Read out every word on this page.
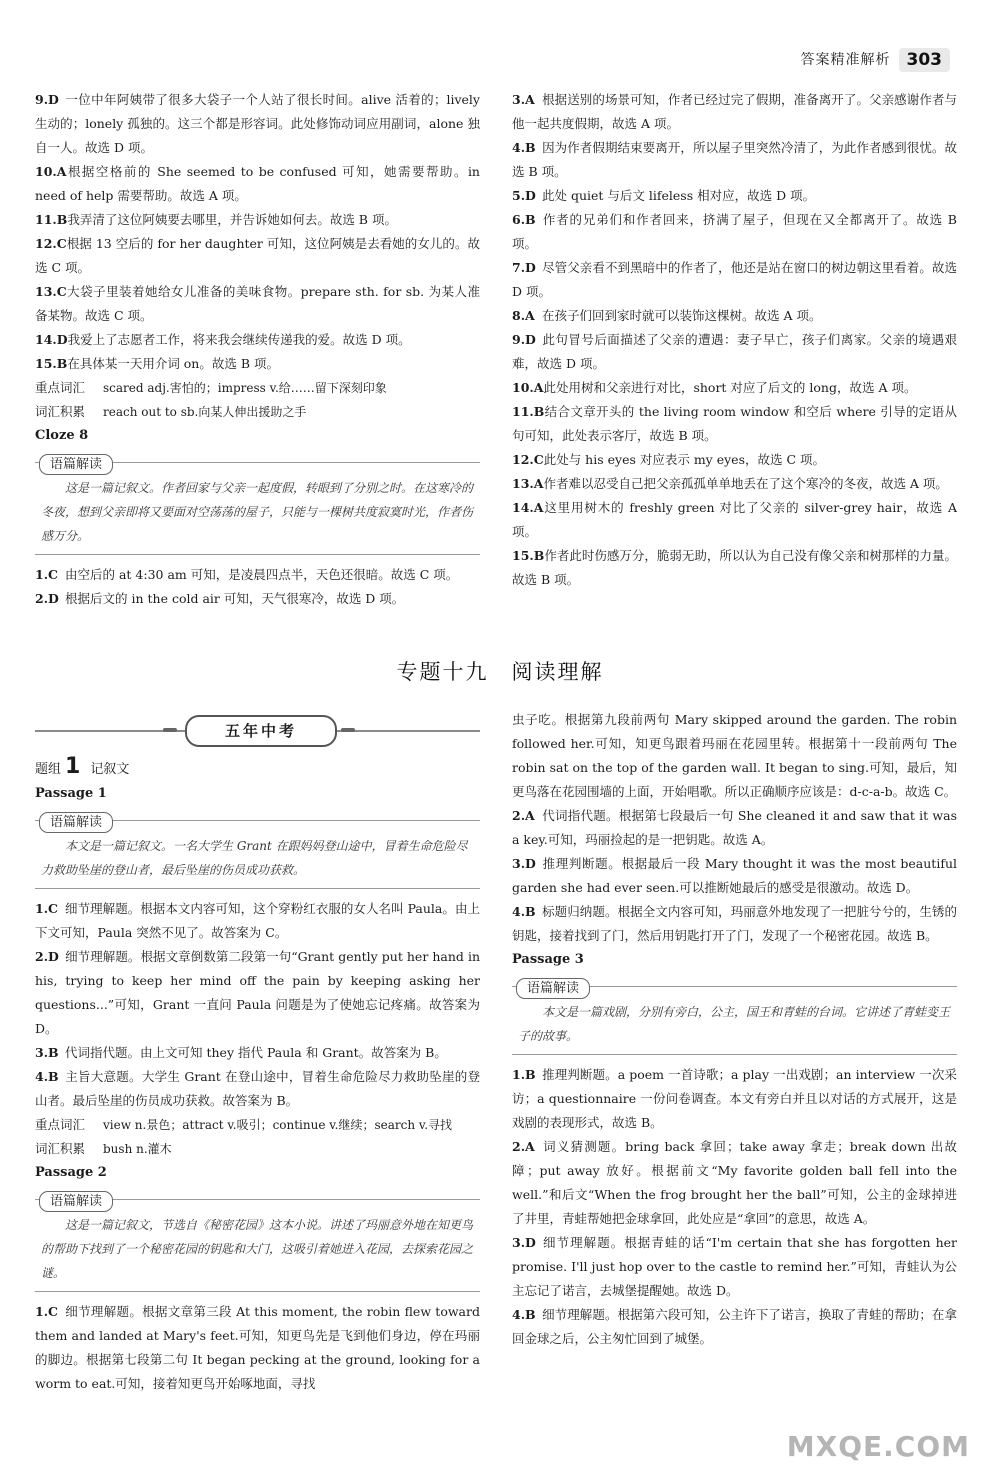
答案精准解析 303

9.D 一位中年阿姨带了很多大袋子一个人站了很长时间。alive 活着的；lively 生动的；lonely 孤独的。这三个都是形容词。此处修饰动词应用副词，alone 独自一人。故选 D 项。

10.A根据空格前的 She seemed to be confused 可知，她需要帮助。in need of help 需要帮助。故选 A 项。

11.B我弄清了这位阿姨要去哪里，并告诉她如何去。故选 B 项。

12.C根据 13 空后的 for her daughter 可知，这位阿姨是去看她的女儿的。故选 C 项。

13.C大袋子里装着她给女儿准备的美味食物。prepare sth. for sb. 为某人准备某物。故选 C 项。

14.D我爱上了志愿者工作，将来我会继续传递我的爱。故选 D 项。

15.B在具体某一天用介词 on。故选 B 项。

重点词汇	scared adj.害怕的；impress v.给……留下深刻印象
词汇积累	reach out to sb.向某人伸出援助之手
Cloze 8
语篇解读
这是一篇记叙文。作者回家与父亲一起度假，转眼到了分别之时。在这寒冷的冬夜，想到父亲即将又要面对空荡荡的屋子，只能与一棵树共度寂寞时光，作者伤感万分。

1.C 由空后的 at 4:30 am 可知，是凌晨四点半，天色还很暗。故选 C 项。

2.D 根据后文的 in the cold air 可知，天气很寒冷，故选 D 项。

3.A 根据送别的场景可知，作者已经过完了假期，准备离开了。父亲感谢作者与他一起共度假期，故选 A 项。

4.B 因为作者假期结束要离开，所以屋子里突然冷清了，为此作者感到很忧。故选 B 项。

5.D 此处 quiet 与后文 lifeless 相对应，故选 D 项。

6.B 作者的兄弟们和作者回来，挤满了屋子，但现在又全都离开了。故选 B 项。

7.D 尽管父亲看不到黑暗中的作者了，他还是站在窗口的树边朝这里看着。故选 D 项。

8.A 在孩子们回到家时就可以装饰这棵树。故选 A 项。

9.D 此句冒号后面描述了父亲的遭遇：妻子早亡，孩子们离家。父亲的境遇艰难，故选 D 项。

10.A此处用树和父亲进行对比，short 对应了后文的 long，故选 A 项。

11.B结合文章开头的 the living room window 和空后 where 引导的定语从句可知，此处表示客厅，故选 B 项。

12.C此处与 his eyes 对应表示 my eyes，故选 C 项。

13.A作者难以忍受自己把父亲孤孤单单地丢在了这个寒冷的冬夜，故选 A 项。

14.A这里用树木的 freshly green 对比了父亲的 silver-grey hair，故选 A 项。

15.B作者此时伤感万分，脆弱无助，所以认为自己没有像父亲和树那样的力量。故选 B 项。

专题十九　阅读理解
五年中考
题组 1 记叙文
Passage 1
语篇解读
本文是一篇记叙文。一名大学生 Grant 在跟妈妈登山途中，冒着生命危险尽力救助坠崖的登山者，最后坠崖的伤员成功获救。

1.C 细节理解题。根据本文内容可知，这个穿粉红衣服的女人名叫 Paula。由上下文可知，Paula 突然不见了。故答案为 C。

2.D 细节理解题。根据文章倒数第二段第一句“Grant gently put her hand in his, trying to keep her mind off the pain by keeping asking her questions...”可知，Grant 一直问 Paula 问题是为了使她忘记疼痛。故答案为 D。

3.B 代词指代题。由上文可知 they 指代 Paula 和 Grant。故答案为 B。

4.B 主旨大意题。大学生 Grant 在登山途中，冒着生命危险尽力救助坠崖的登山者。最后坠崖的伤员成功获救。故答案为 B。

重点词汇	view n.景色；attract v.吸引；continue v.继续；search v.寻找
词汇积累	bush n.灌木
Passage 2
语篇解读
这是一篇记叙文，节选自《秘密花园》这本小说。讲述了玛丽意外地在知更鸟的帮助下找到了一个秘密花园的钥匙和大门，这吸引着她进入花园，去探索花园之谜。

1.C 细节理解题。根据文章第三段 At this moment, the robin flew toward them and landed at Mary's feet.可知，知更鸟先是飞到他们身边，停在玛丽的脚边。根据第七段第二句 It began pecking at the ground, looking for a worm to eat.可知，接着知更鸟开始啄地面，寻找

虫子吃。根据第九段前两句 Mary skipped around the garden. The robin followed her.可知，知更鸟跟着玛丽在花园里转。根据第十一段前两句 The robin sat on the top of the garden wall. It began to sing.可知，最后，知更鸟落在花园围墙的上面，开始唱歌。所以正确顺序应该是：d-c-a-b。故选 C。

2.A 代词指代题。根据第七段最后一句 She cleaned it and saw that it was a key.可知，玛丽捡起的是一把钥匙。故选 A。

3.D 推理判断题。根据最后一段 Mary thought it was the most beautiful garden she had ever seen.可以推断她最后的感受是很激动。故选 D。

4.B 标题归纳题。根据全文内容可知，玛丽意外地发现了一把脏兮兮的，生锈的钥匙，接着找到了门，然后用钥匙打开了门，发现了一个秘密花园。故选 B。

Passage 3
语篇解读
本文是一篇戏剧，分别有旁白，公主，国王和青蛙的台词。它讲述了青蛙变王子的故事。

1.B 推理判断题。a poem 一首诗歌；a play 一出戏剧；an interview 一次采访；a questionnaire 一份问卷调查。本文有旁白并且以对话的方式展开，这是戏剧的表现形式，故选 B。

2.A 词义猜测题。bring back 拿回；take away 拿走；break down 出故障；put away 放好。根据前文“My favorite golden ball fell into the well.”和后文“When the frog brought her the ball”可知，公主的金球掉进了井里，青蛙帮她把金球拿回，此处应是“拿回”的意思，故选 A。

3.D 细节理解题。根据青蛙的话“I'm certain that she has forgotten her promise. I'll just hop over to the castle to remind her.”可知，青蛙认为公主忘记了诺言，去城堡提醒她。故选 D。

4.B 细节理解题。根据第六段可知，公主许下了诺言，换取了青蛙的帮助；在拿回金球之后，公主匆忙回到了城堡。

MXQE.COM
